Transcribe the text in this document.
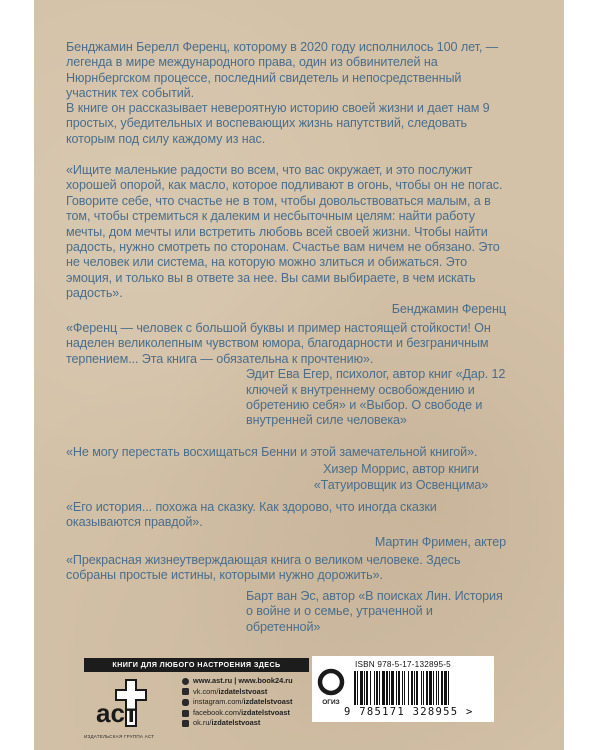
Бенджамин Берелл Ференц, которому в 2020 году исполнилось 100 лет, — легенда в мире международного права, один из обвинителей на Нюрнбергском процессе, последний свидетель и непосредственный участник тех событий.

В книге он рассказывает невероятную историю своей жизни и дает нам 9 простых, убедительных и воспевающих жизнь напутствий, следовать которым под силу каждому из нас.

«Ищите маленькие радости во всем, что вас окружает, и это послужит хорошей опорой, как масло, которое подливают в огонь, чтобы он не погас. Говорите себе, что счастье не в том, чтобы довольствоваться малым, а в том, чтобы стремиться к далеким и несбыточным целям: найти работу мечты, дом мечты или встретить любовь всей своей жизни. Чтобы найти радость, нужно смотреть по сторонам. Счастье вам ничем не обязано. Это не человек или система, на которую можно злиться и обижаться. Это эмоция, и только вы в ответе за нее. Вы сами выбираете, в чем искать радость».

Бенджамин Ференц

«Ференц — человек с большой буквы и пример настоящей стойкости! Он наделен великолепным чувством юмора, благодарности и безграничным терпением... Эта книга — обязательна к прочтению».

Эдит Ева Егер, психолог, автор книг «Дар. 12 ключей к внутреннему освобождению и обретению себя» и «Выбор. О свободе и внутренней силе человека»

«Не могу перестать восхищаться Бенни и этой замечательной книгой».

Хизер Моррис, автор книги «Татуировщик из Освенцима»

«Его история... похожа на сказку. Как здорово, что иногда сказки оказываются правдой».

Мартин Фримен, актер

«Прекрасная жизнеутверждающая книга о великом человеке. Здесь собраны простые истины, которыми нужно дорожить».

Барт ван Эс, автор «В поисках Лин. История о войне и о семье, утраченной и обретенной»

КНИГИ ДЛЯ ЛЮБОГО НАСТРОЕНИЯ ЗДЕСЬ
аст
ИЗДАТЕЛЬСКАЯ ГРУППА АСТ
www.ast.ru | www.book24.ru
vk.com/ izdatelstvoast
instagram.com/ izdatelstvoast
facebook.com/ izdatelstvoast
ok.ru/ izdatelstvoast
ISBN 978-5-17-132895-5
ОГИЗ
9 785171 328955 >
